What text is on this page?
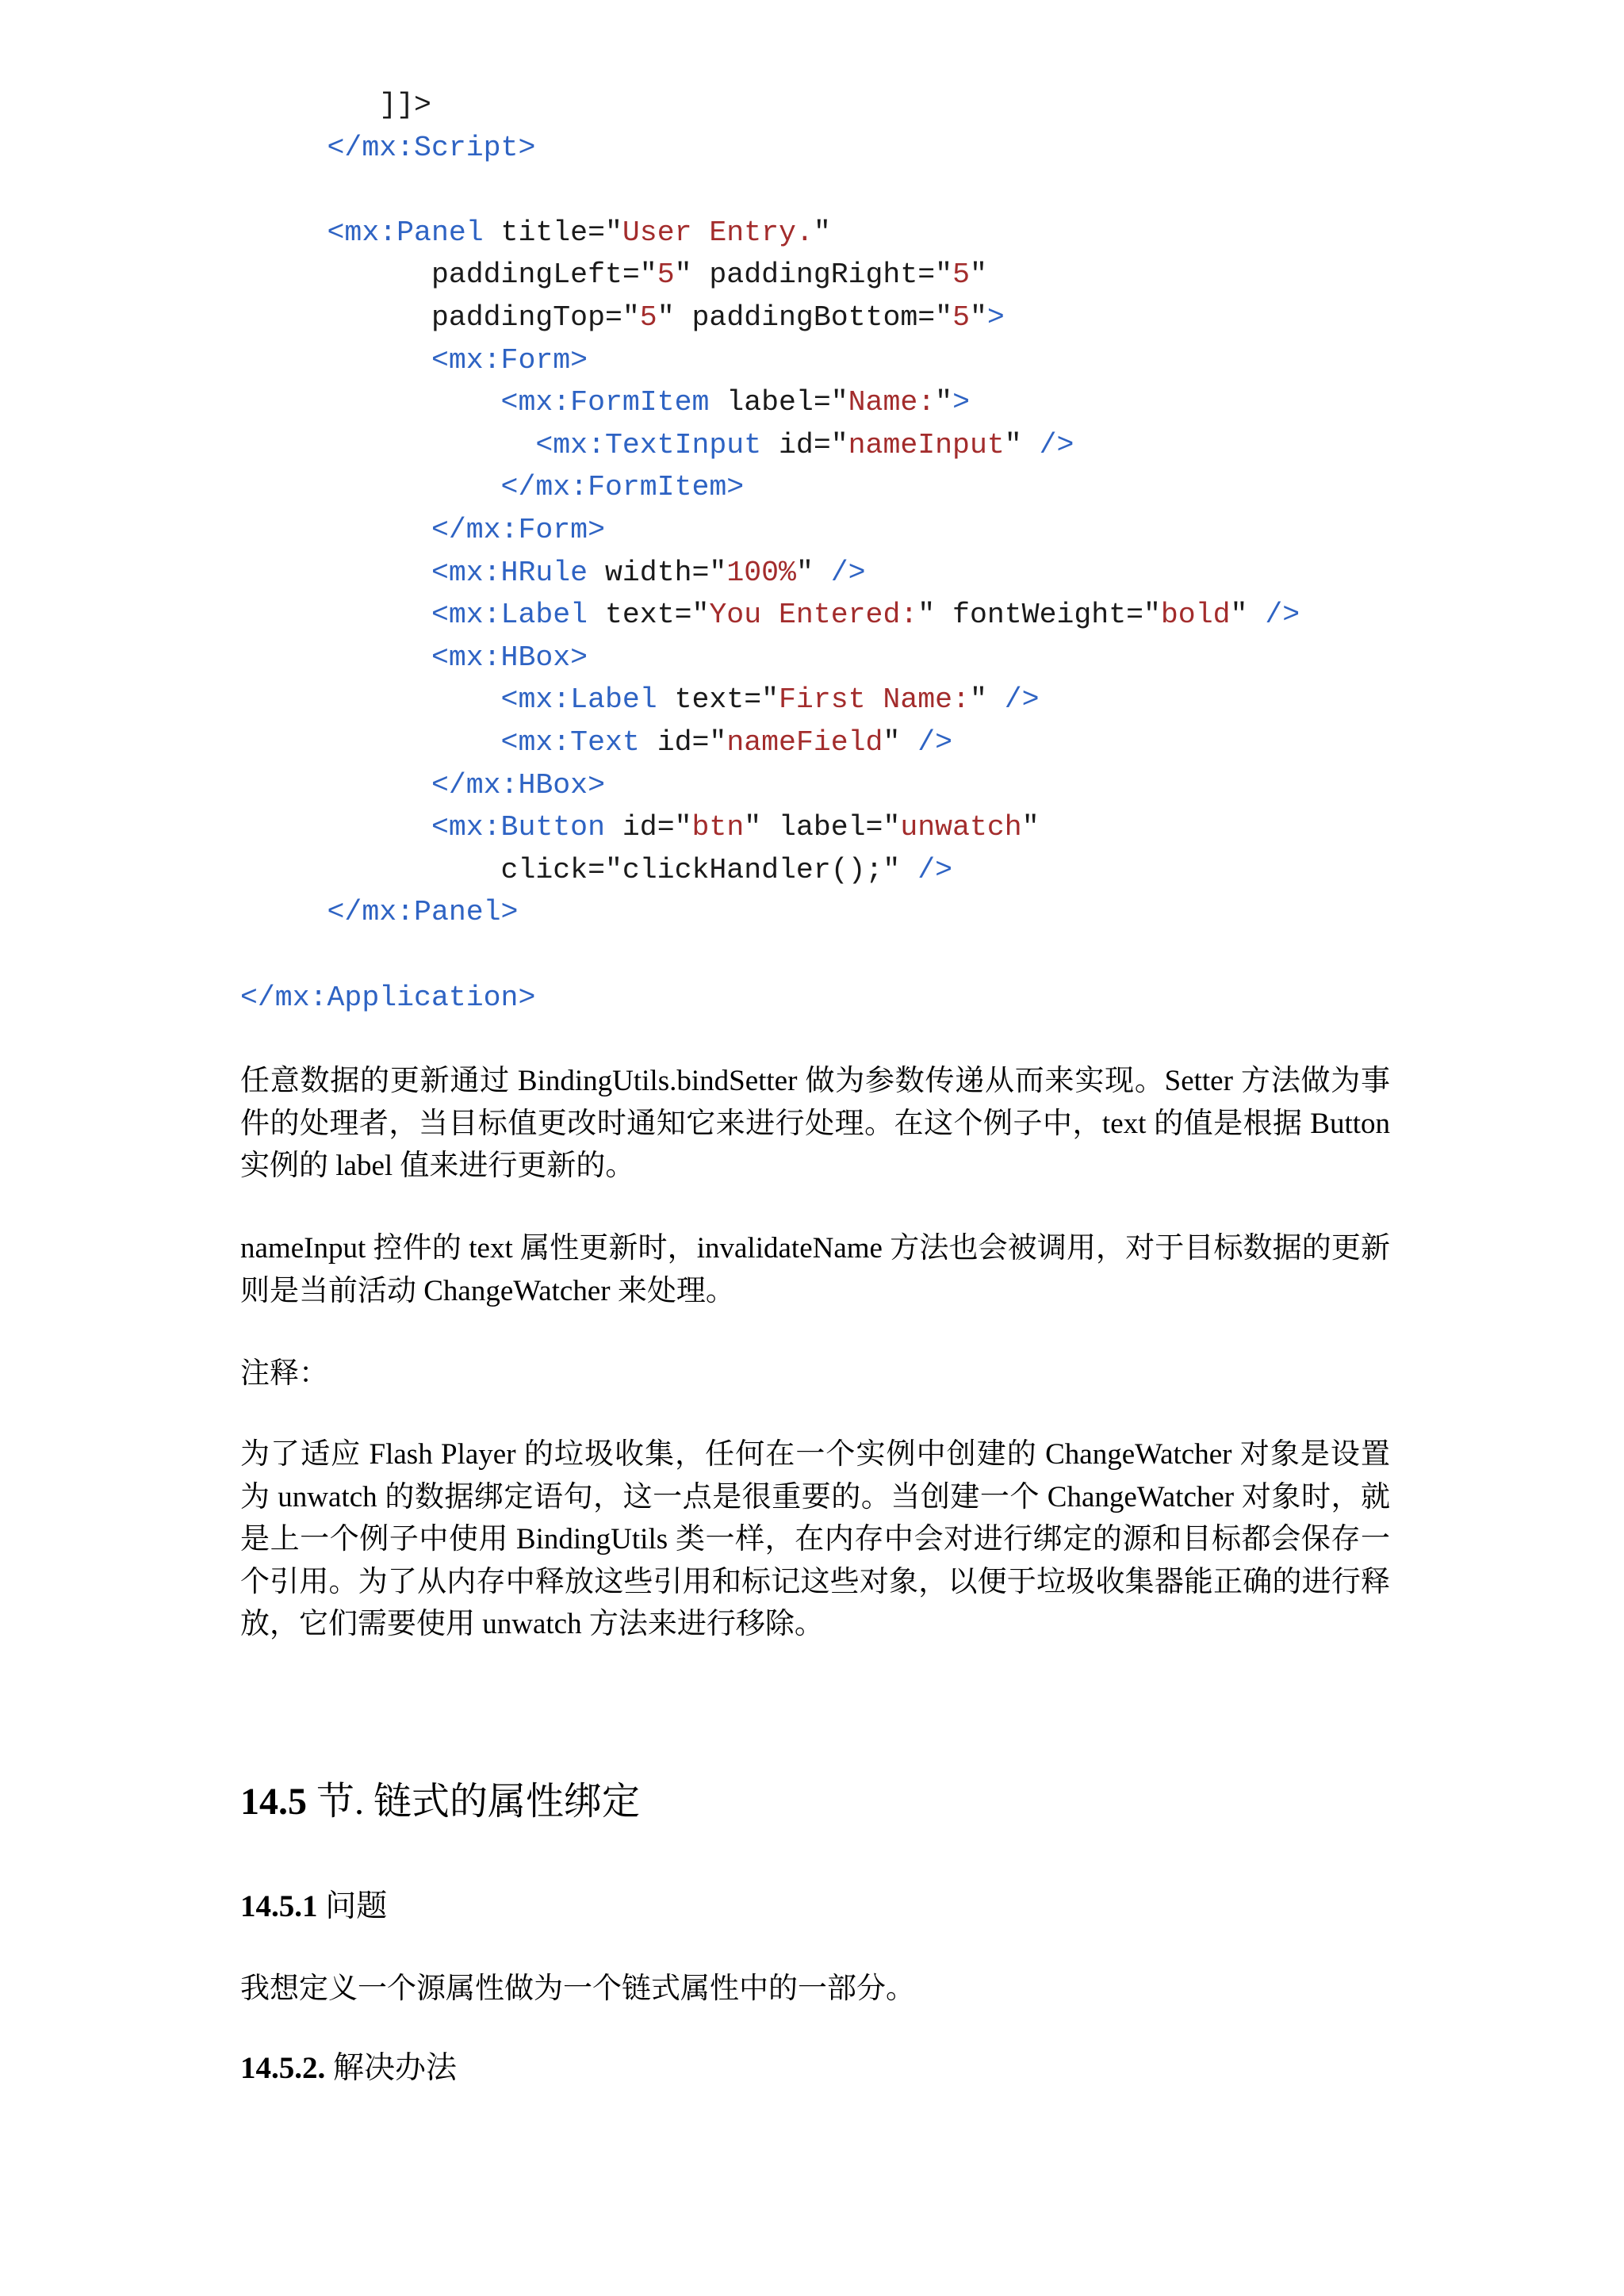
]]>
</mx:Script>
<mx:Panel title="User Entry."
paddingLeft="5" paddingRight="5"
paddingTop="5" paddingBottom="5">
<mx:Form>
<mx:FormItem label="Name:">
<mx:TextInput id="nameInput" />
</mx:FormItem>
</mx:Form>
<mx:HRule width="100%" />
<mx:Label text="You Entered:" fontWeight="bold" />
<mx:HBox>
<mx:Label text="First Name:" />
<mx:Text id="nameField" />
</mx:HBox>
<mx:Button id="btn" label="unwatch"
click="clickHandler();" />
</mx:Panel>
</mx:Application>

任意数据的更新通过 BindingUtils.bindSetter 做为参数传递从而来实现。Setter 方法做为事件的处理者，当目标值更改时通知它来进行处理。在这个例子中，text 的值是根据 Button 实例的 label 值来进行更新的。

nameInput 控件的 text 属性更新时，invalidateName 方法也会被调用，对于目标数据的更新则是当前活动 ChangeWatcher 来处理。

注释：

为了适应 Flash Player 的垃圾收集，任何在一个实例中创建的 ChangeWatcher 对象是设置为 unwatch 的数据绑定语句，这一点是很重要的。当创建一个 ChangeWatcher 对象时，就是上一个例子中使用 BindingUtils 类一样，在内存中会对进行绑定的源和目标都会保存一个引用。为了从内存中释放这些引用和标记这些对象，以便于垃圾收集器能正确的进行释放，它们需要使用 unwatch 方法来进行移除。

14.5 节. 链式的属性绑定
14.5.1 问题

我想定义一个源属性做为一个链式属性中的一部分。

14.5.2. 解决办法
